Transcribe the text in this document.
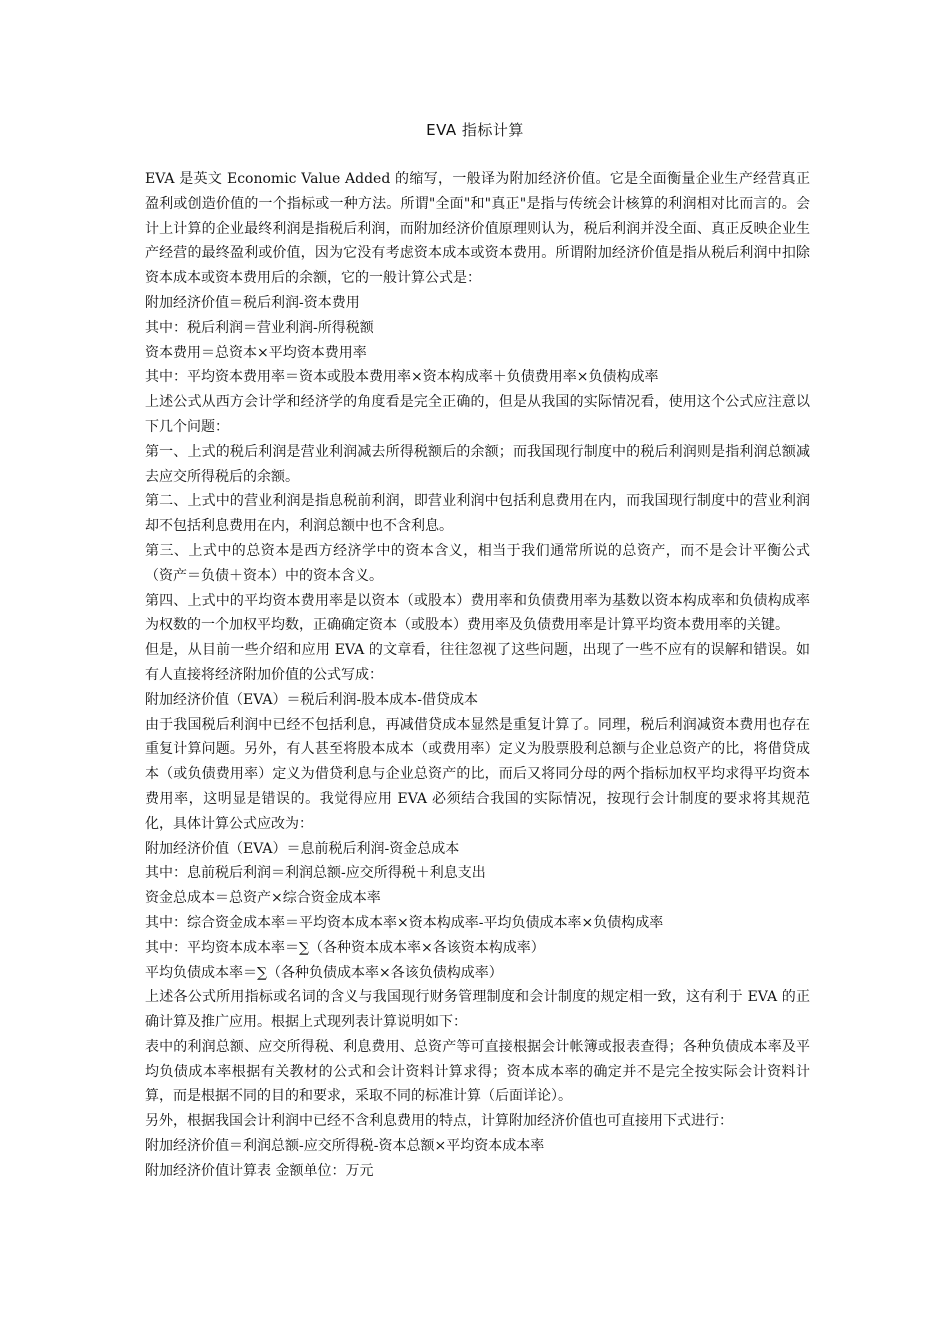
EVA 指标计算

EVA 是英文 Economic Value Added 的缩写，一般译为附加经济价值。它是全面衡量企业生产经营真正盈利或创造价值的一个指标或一种方法。所谓"全面"和"真正"是指与传统会计核算的利润相对比而言的。会计上计算的企业最终利润是指税后利润，而附加经济价值原理则认为，税后利润并没全面、真正反映企业生产经营的最终盈利或价值，因为它没有考虑资本成本或资本费用。所谓附加经济价值是指从税后利润中扣除资本成本或资本费用后的余额，它的一般计算公式是：

附加经济价值＝税后利润-资本费用

其中：税后利润＝营业利润-所得税额

资本费用＝总资本×平均资本费用率

其中：平均资本费用率＝资本或股本费用率×资本构成率＋负债费用率×负债构成率

上述公式从西方会计学和经济学的角度看是完全正确的，但是从我国的实际情况看，使用这个公式应注意以下几个问题：

第一、上式的税后利润是营业利润减去所得税额后的余额；而我国现行制度中的税后利润则是指利润总额减去应交所得税后的余额。

第二、上式中的营业利润是指息税前利润，即营业利润中包括利息费用在内，而我国现行制度中的营业利润却不包括利息费用在内，利润总额中也不含利息。

第三、上式中的总资本是西方经济学中的资本含义，相当于我们通常所说的总资产，而不是会计平衡公式（资产＝负债＋资本）中的资本含义。

第四、上式中的平均资本费用率是以资本（或股本）费用率和负债费用率为基数以资本构成率和负债构成率为权数的一个加权平均数，正确确定资本（或股本）费用率及负债费用率是计算平均资本费用率的关键。

但是，从目前一些介绍和应用 EVA 的文章看，往往忽视了这些问题，出现了一些不应有的误解和错误。如有人直接将经济附加价值的公式写成：

附加经济价值（EVA）＝税后利润-股本成本-借贷成本

由于我国税后利润中已经不包括利息，再减借贷成本显然是重复计算了。同理，税后利润减资本费用也存在重复计算问题。另外，有人甚至将股本成本（或费用率）定义为股票股利总额与企业总资产的比，将借贷成本（或负债费用率）定义为借贷利息与企业总资产的比，而后又将同分母的两个指标加权平均求得平均资本费用率，这明显是错误的。我觉得应用 EVA 必须结合我国的实际情况，按现行会计制度的要求将其规范化，具体计算公式应改为：

附加经济价值（EVA）＝息前税后利润-资金总成本

其中：息前税后利润＝利润总额-应交所得税＋利息支出

资金总成本＝总资产×综合资金成本率

其中：综合资金成本率＝平均资本成本率×资本构成率-平均负债成本率×负债构成率

其中：平均资本成本率＝∑（各种资本成本率×各该资本构成率）

平均负债成本率＝∑（各种负债成本率×各该负债构成率）

上述各公式所用指标或名词的含义与我国现行财务管理制度和会计制度的规定相一致，这有利于 EVA 的正确计算及推广应用。根据上式现列表计算说明如下：

表中的利润总额、应交所得税、利息费用、总资产等可直接根据会计帐簿或报表查得；各种负债成本率及平均负债成本率根据有关教材的公式和会计资料计算求得；资本成本率的确定并不是完全按实际会计资料计算，而是根据不同的目的和要求，采取不同的标准计算（后面详论）。

另外，根据我国会计利润中已经不含利息费用的特点，计算附加经济价值也可直接用下式进行：

附加经济价值＝利润总额-应交所得税-资本总额×平均资本成本率

附加经济价值计算表 金额单位：万元
